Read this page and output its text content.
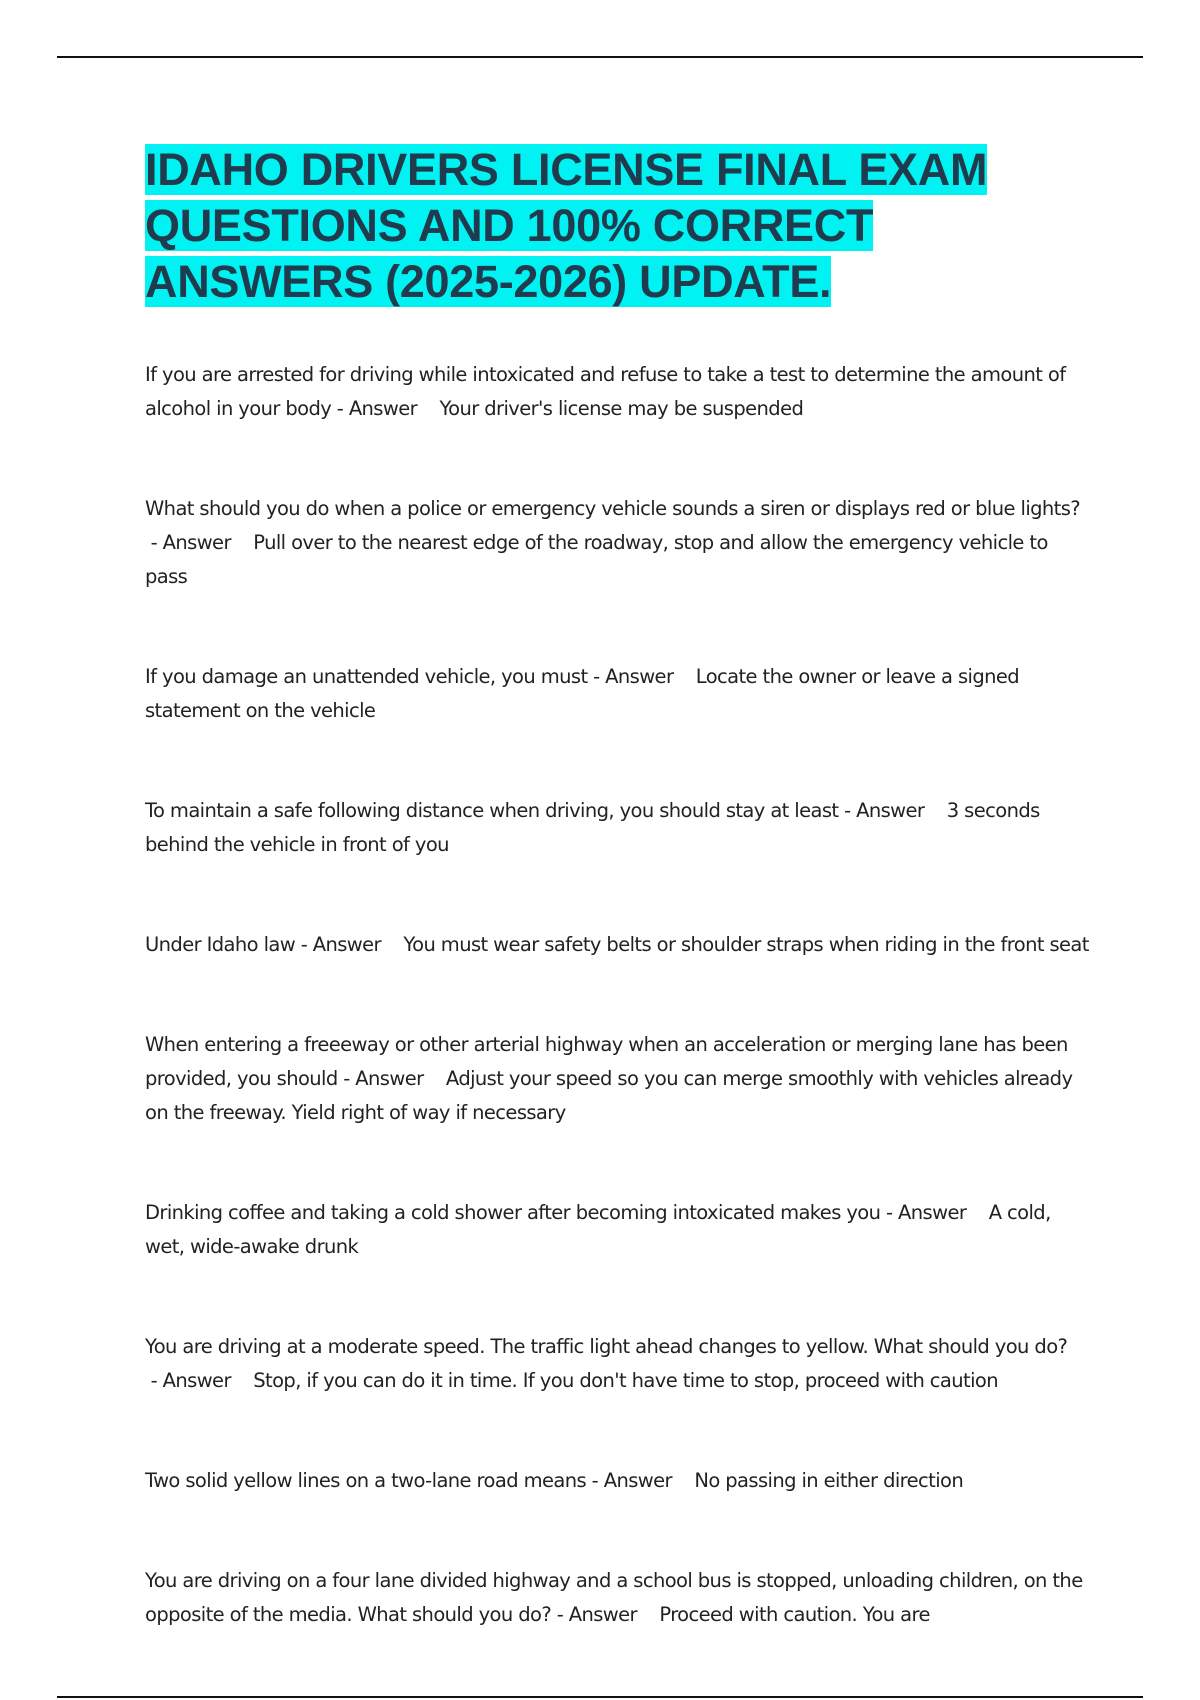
IDAHO DRIVERS LICENSE FINAL EXAM QUESTIONS AND 100% CORRECT ANSWERS (2025-2026) UPDATE.

If you are arrested for driving while intoxicated and refuse to take a test to determine the amount of alcohol in your body - Answer Your driver's license may be suspended

What should you do when a police or emergency vehicle sounds a siren or displays red or blue lights? - Answer Pull over to the nearest edge of the roadway, stop and allow the emergency vehicle to pass

If you damage an unattended vehicle, you must - Answer Locate the owner or leave a signed statement on the vehicle

To maintain a safe following distance when driving, you should stay at least - Answer 3 seconds behind the vehicle in front of you

Under Idaho law - Answer You must wear safety belts or shoulder straps when riding in the front seat

When entering a freeeway or other arterial highway when an acceleration or merging lane has been provided, you should - Answer Adjust your speed so you can merge smoothly with vehicles already on the freeway. Yield right of way if necessary

Drinking coffee and taking a cold shower after becoming intoxicated makes you - Answer A cold, wet, wide-awake drunk

You are driving at a moderate speed. The traffic light ahead changes to yellow. What should you do? - Answer Stop, if you can do it in time. If you don't have time to stop, proceed with caution

Two solid yellow lines on a two-lane road means - Answer No passing in either direction

You are driving on a four lane divided highway and a school bus is stopped, unloading children, on the opposite of the media. What should you do? - Answer Proceed with caution. You are
